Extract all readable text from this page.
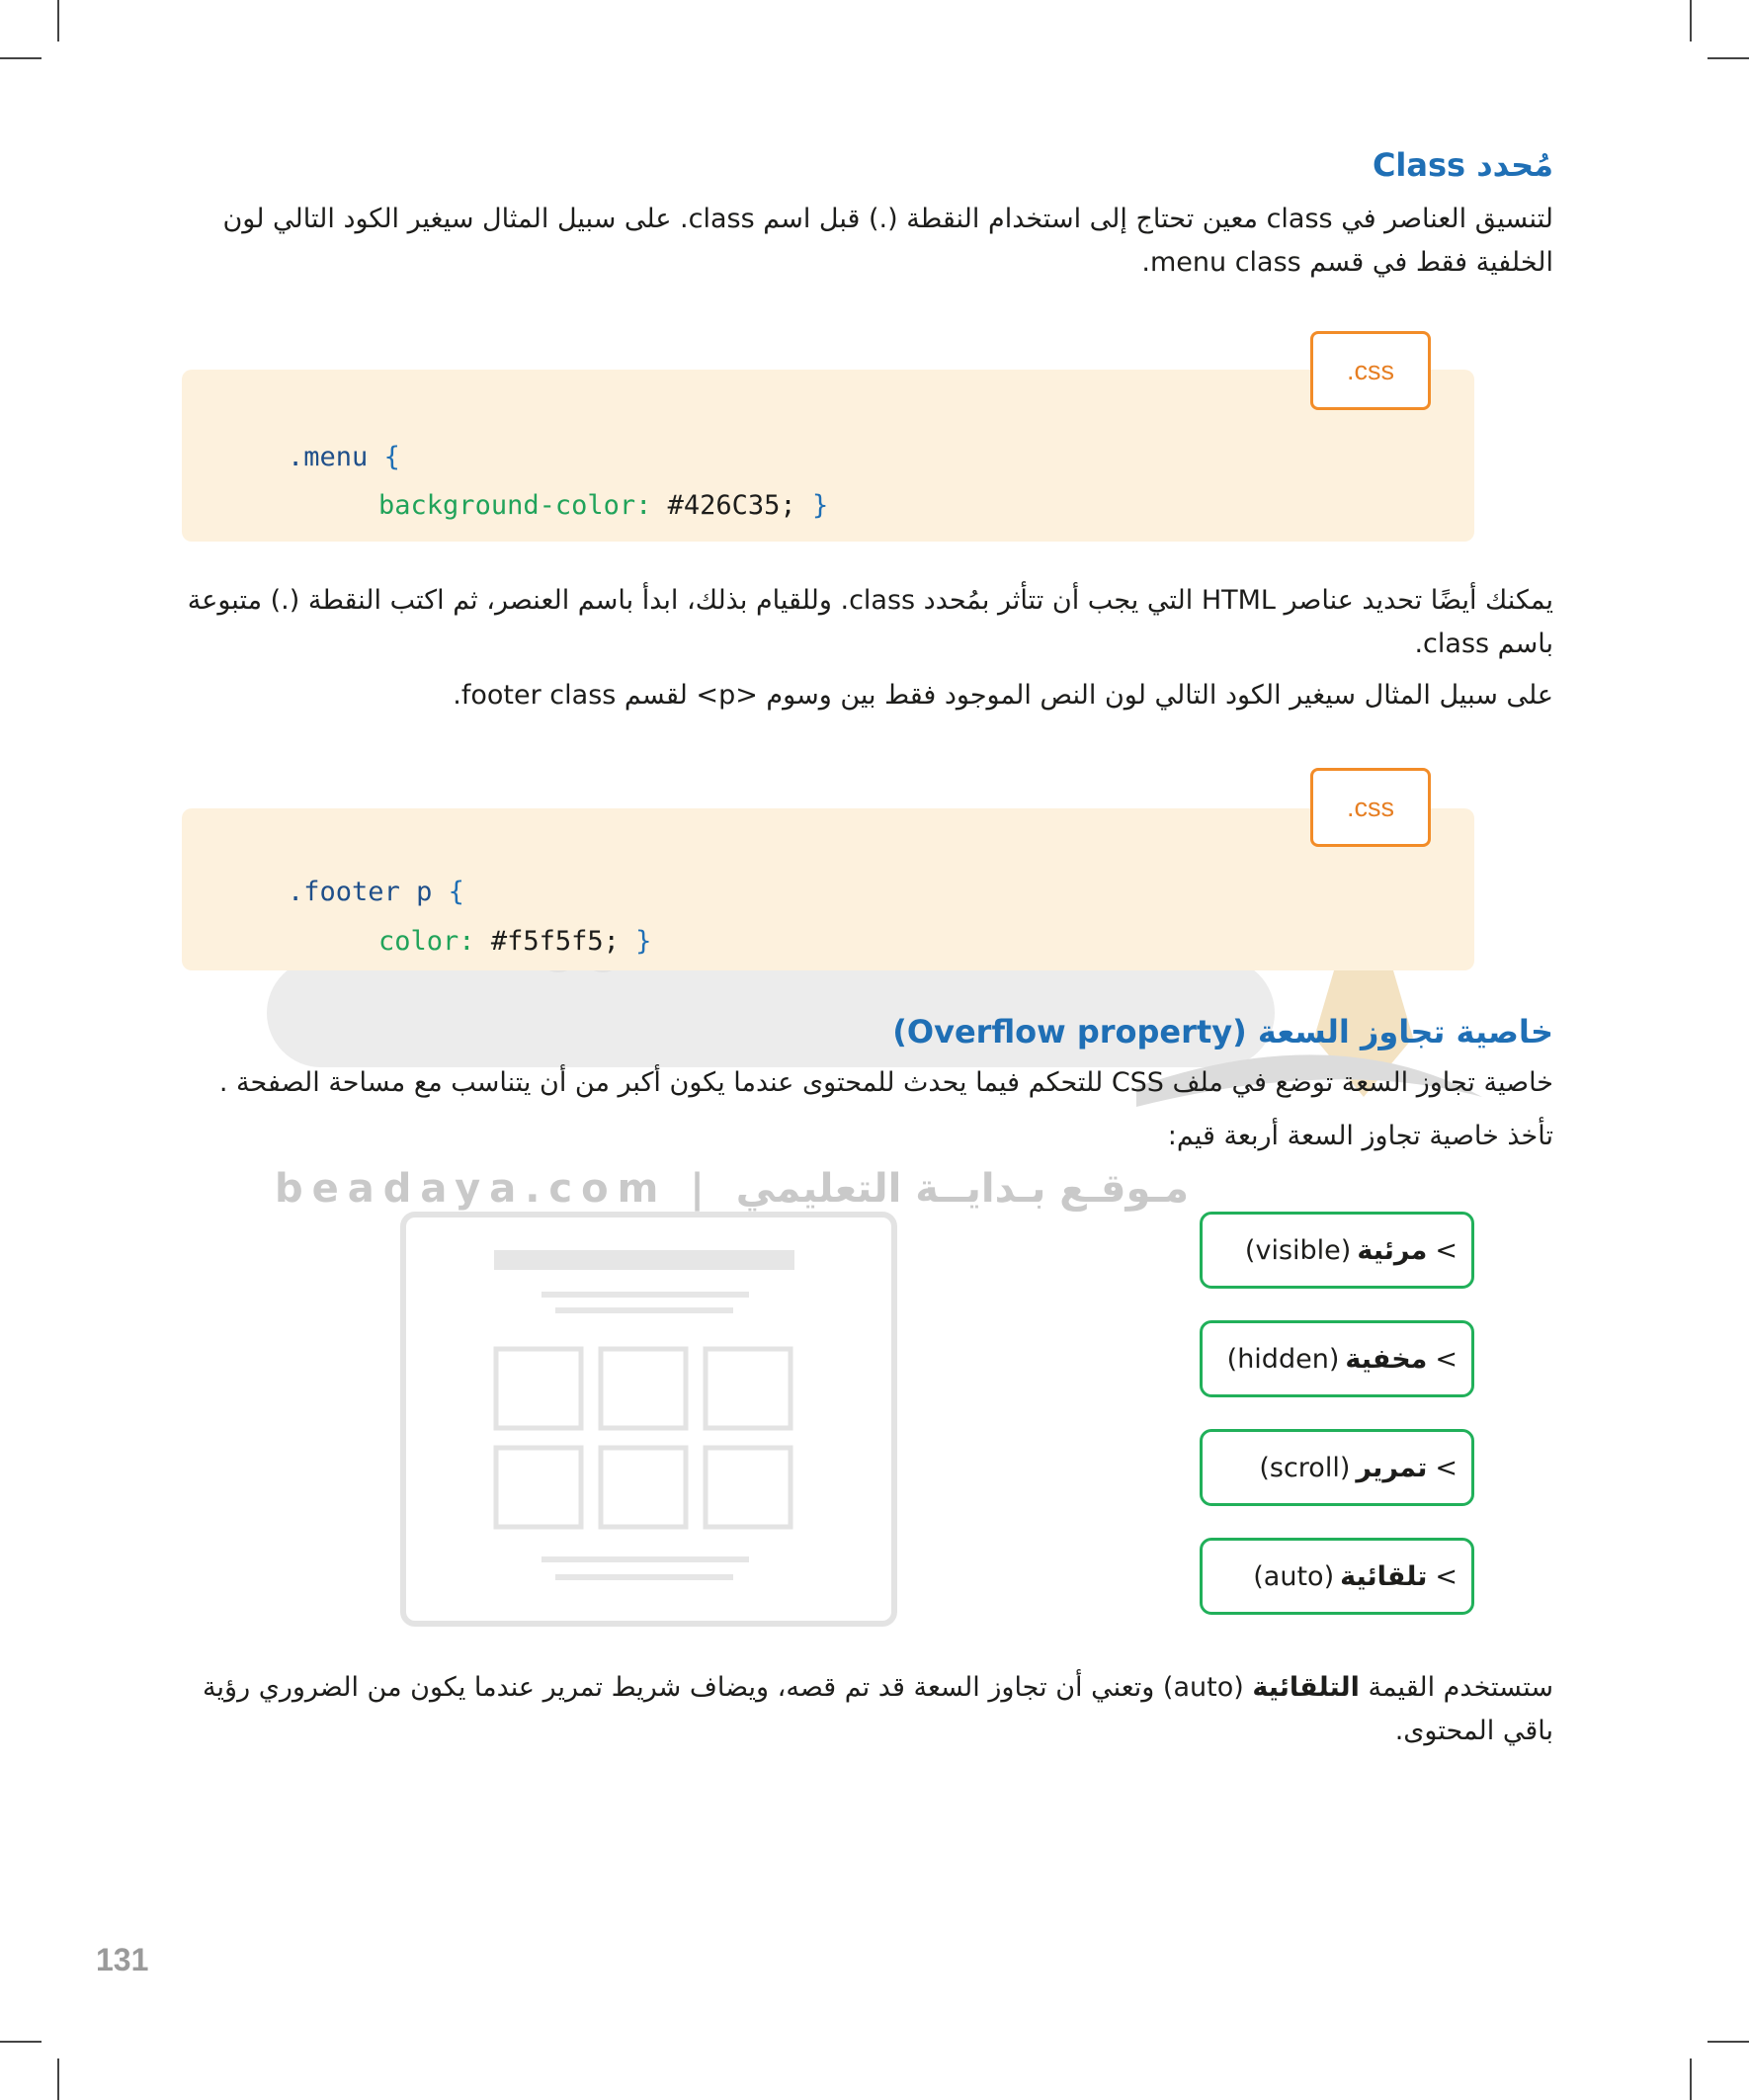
beadaya.com | مـوقـع بـدايــة التعليمي
مُحدد Class
لتنسيق العناصر في class معين تحتاج إلى استخدام النقطة (.) قبل اسم class. على سبيل المثال سيغير الكود التالي لون الخلفية فقط في قسم menu class.

.menu {

background-color: #426C35; }

.css
يمكنك أيضًا تحديد عناصر HTML التي يجب أن تتأثر بمُحدد class. وللقيام بذلك، ابدأ باسم العنصر، ثم اكتب النقطة (.) متبوعة باسم class.
على سبيل المثال سيغير الكود التالي لون النص الموجود فقط بين وسوم <p> لقسم footer class.

.footer p {

color: #f5f5f5; }

.css
خاصية تجاوز السعة (Overflow property)
خاصية تجاوز السعة توضع في ملف CSS للتحكم فيما يحدث للمحتوى عندما يكون أكبر من أن يتناسب مع مساحة الصفحة .
تأخذ خاصية تجاوز السعة أربعة قيم:
>
مرئية
(visible)
>
مخفية
(hidden)
>
تمرير
(scroll)
>
تلقائية
(auto)
ستستخدم القيمة التلقائية (auto) وتعني أن تجاوز السعة قد تم قصه، ويضاف شريط تمرير عندما يكون من الضروري رؤية باقي المحتوى.
131
